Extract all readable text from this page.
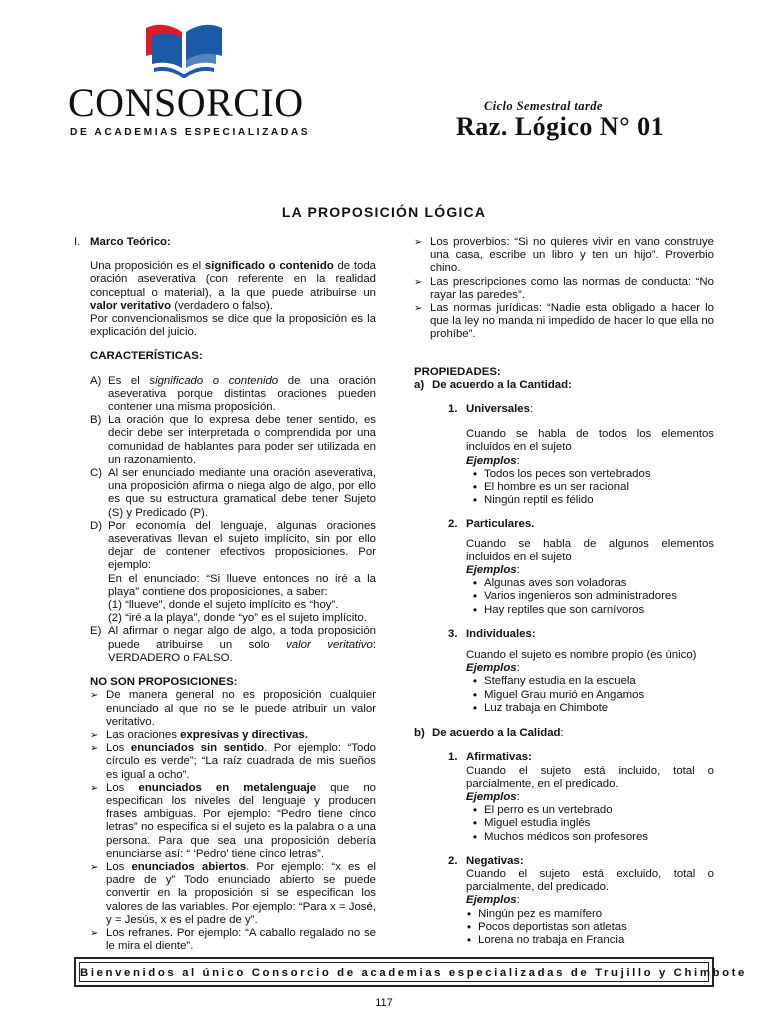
CONSORCIO
DE ACADEMIAS ESPECIALIZADAS
Ciclo Semestral tarde
Raz. Lógico N° 01
LA PROPOSICIÓN LÓGICA

I. Marco Teórico:

Una proposición es el significado o contenido de toda oración aseverativa (con referente en la realidad conceptual o material), a la que puede atribuirse un valor veritativo (verdadero o falso).

Por convencionalismos se dice que la proposición es la explicación del juicio.

CARACTERÍSTICAS:

A) Es el significado o contenido de una oración aseverativa porque distintas oraciones pueden contener una misma proposición.
B) La oración que lo expresa debe tener sentido, es decir debe ser interpretada o comprendida por una comunidad de hablantes para poder ser utilizada en un razonamiento.
C) Al ser enunciado mediante una oración aseverativa, una proposición afirma o niega algo de algo, por ello es que su estructura gramatical debe tener Sujeto (S) y Predicado (P).
D) Por economía del lenguaje, algunas oraciones aseverativas llevan el sujeto implícito, sin por ello dejar de contener efectivos proposiciones. Por ejemplo:
En el enunciado: “Si llueve entonces no iré a la playa” contiene dos proposiciones, a saber:
(1) “llueve”, donde el sujeto implícito es “hoy”.
(2) “iré a la playa”, donde “yo” es el sujeto implícito.
E) Al afirmar o negar algo de algo, a toda proposición puede atribuirse un solo valor veritativo: VERDADERO o FALSO.

NO SON PROPOSICIONES:

➢ De manera general no es proposición cualquier enunciado al que no se le puede atribuir un valor veritativo.
➢ Las oraciones expresivas y directivas.
➢ Los enunciados sin sentido. Por ejemplo: “Todo círculo es verde”; “La raíz cuadrada de mis sueños es igual a ocho”.
➢ Los enunciados en metalenguaje que no especifican los niveles del lenguaje y producen frases ambiguas. Por ejemplo: “Pedro tiene cinco letras” no especifica si el sujeto es la palabra o a una persona. Para que sea una proposición debería enunciarse así: “ ‘Pedro’ tiene cinco letras”.
➢ Los enunciados abiertos. Por ejemplo: “x es el padre de y” Todo enunciado abierto se puede convertir en la proposición si se especifican los valores de las variables. Por ejemplo: “Para x = José, y = Jesús, x es el padre de y”.
➢ Los refranes. Por ejemplo: “A caballo regalado no se le mira el diente”.
➢ Los proverbios: “Si no quieres vivir en vano construye una casa, escribe un libro y ten un hijo”. Proverbio chino.
➢ Las prescripciones como las normas de conducta: “No rayar las paredes”.
➢ Las normas jurídicas: “Nadie esta obligado a hacer lo que la ley no manda ni impedido de hacer lo que ella no prohíbe”.

PROPIEDADES:

a) De acuerdo a la Cantidad:
1. Universales:

Cuando se habla de todos los elementos incluidos en el sujeto

Ejemplos:

• Todos los peces son vertebrados
• El hombre es un ser racional
• Ningún reptil es félido
2. Particulares.

Cuando se habla de algunos elementos incluidos en el sujeto

Ejemplos:

• Algunas aves son voladoras
• Varios ingenieros son administradores
• Hay reptiles que son carnívoros
3. Individuales:

Cuando el sujeto es nombre propio (es único)

Ejemplos:

• Steffany estudia en la escuela
• Miguel Grau murió en Angamos
• Luz trabaja en Chimbote
b) De acuerdo a la Calidad:
1. Afirmativas:

Cuando el sujeto está incluido, total o parcialmente, en el predicado.

Ejemplos:

• El perro es un vertebrado
• Miguel estudia inglés
• Muchos médicos son profesores
2. Negativas:

Cuando el sujeto está excluido, total o parcialmente, del predicado.

Ejemplos:

• Ningún pez es mamífero
• Pocos deportistas son atletas
• Lorena no trabaja en Francia
Bienvenidos al único Consorcio de academias especializadas de Trujillo y Chimbote
117
